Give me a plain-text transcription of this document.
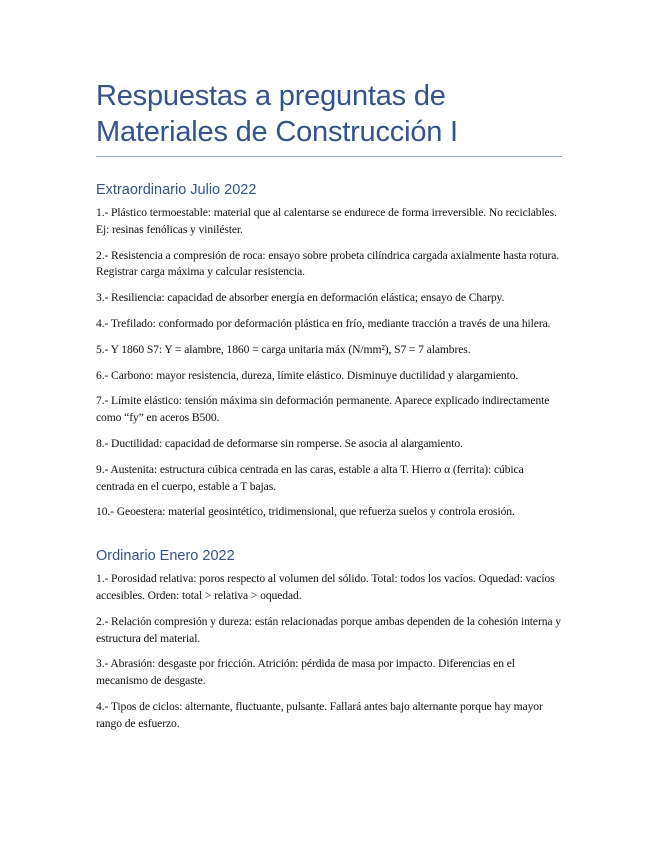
Respuestas a preguntas de Materiales de Construcción I
Extraordinario Julio 2022

1.- Plástico termoestable: material que al calentarse se endurece de forma irreversible. No reciclables. Ej: resinas fenólicas y viniléster.

2.- Resistencia a compresión de roca: ensayo sobre probeta cilíndrica cargada axialmente hasta rotura. Registrar carga máxima y calcular resistencia.

3.- Resiliencia: capacidad de absorber energía en deformación elástica; ensayo de Charpy.

4.- Trefilado: conformado por deformación plástica en frío, mediante tracción a través de una hilera.

5.- Y 1860 S7: Y = alambre, 1860 = carga unitaria máx (N/mm²), S7 = 7 alambres.

6.- Carbono: mayor resistencia, dureza, límite elástico. Disminuye ductilidad y alargamiento.

7.- Límite elástico: tensión máxima sin deformación permanente. Aparece explicado indirectamente como “fy” en aceros B500.

8.- Ductilidad: capacidad de deformarse sin romperse. Se asocia al alargamiento.

9.- Austenita: estructura cúbica centrada en las caras, estable a alta T. Hierro α (ferrita): cúbica centrada en el cuerpo, estable a T bajas.

10.- Geoestera: material geosintético, tridimensional, que refuerza suelos y controla erosión.

Ordinario Enero 2022

1.- Porosidad relativa: poros respecto al volumen del sólido. Total: todos los vacíos. Oquedad: vacíos accesibles. Orden: total > relativa > oquedad.

2.- Relación compresión y dureza: están relacionadas porque ambas dependen de la cohesión interna y estructura del material.

3.- Abrasión: desgaste por fricción. Atrición: pérdida de masa por impacto. Diferencias en el mecanismo de desgaste.

4.- Tipos de ciclos: alternante, fluctuante, pulsante. Fallará antes bajo alternante porque hay mayor rango de esfuerzo.
